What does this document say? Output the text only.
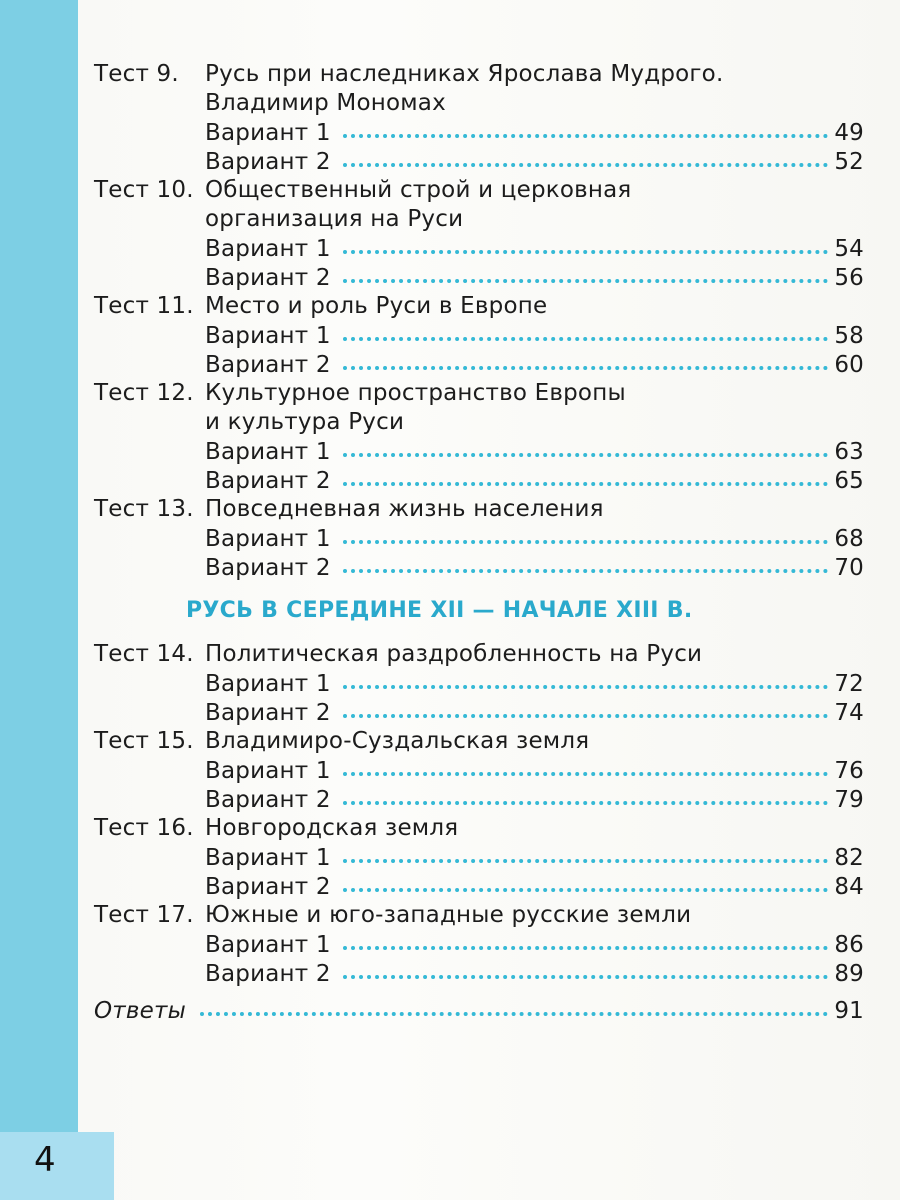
4
Тест 9.	Русь при наследниках Ярослава Мудрого.
Владимир Мономах
Вариант 1	49
Вариант 2	52
Тест 10. Общественный строй и церковная
организация на Руси
Вариант 1	54
Вариант 2	56
Тест 11. Место и роль Руси в Европе
Вариант 1	58
Вариант 2	60
Тест 12. Культурное пространство Европы
и культура Руси
Вариант 1	63
Вариант 2	65
Тест 13. Повседневная жизнь населения
Вариант 1	68
Вариант 2	70
РУСЬ В СЕРЕДИНЕ XII — НАЧАЛЕ XIII В.
Тест 14. Политическая раздробленность на Руси
Вариант 1	72
Вариант 2	74
Тест 15. Владимиро-Суздальская земля
Вариант 1	76
Вариант 2	79
Тест 16. Новгородская земля
Вариант 1	82
Вариант 2	84
Тест 17. Южные и юго-западные русские земли
Вариант 1	86
Вариант 2	89
Ответы	91
